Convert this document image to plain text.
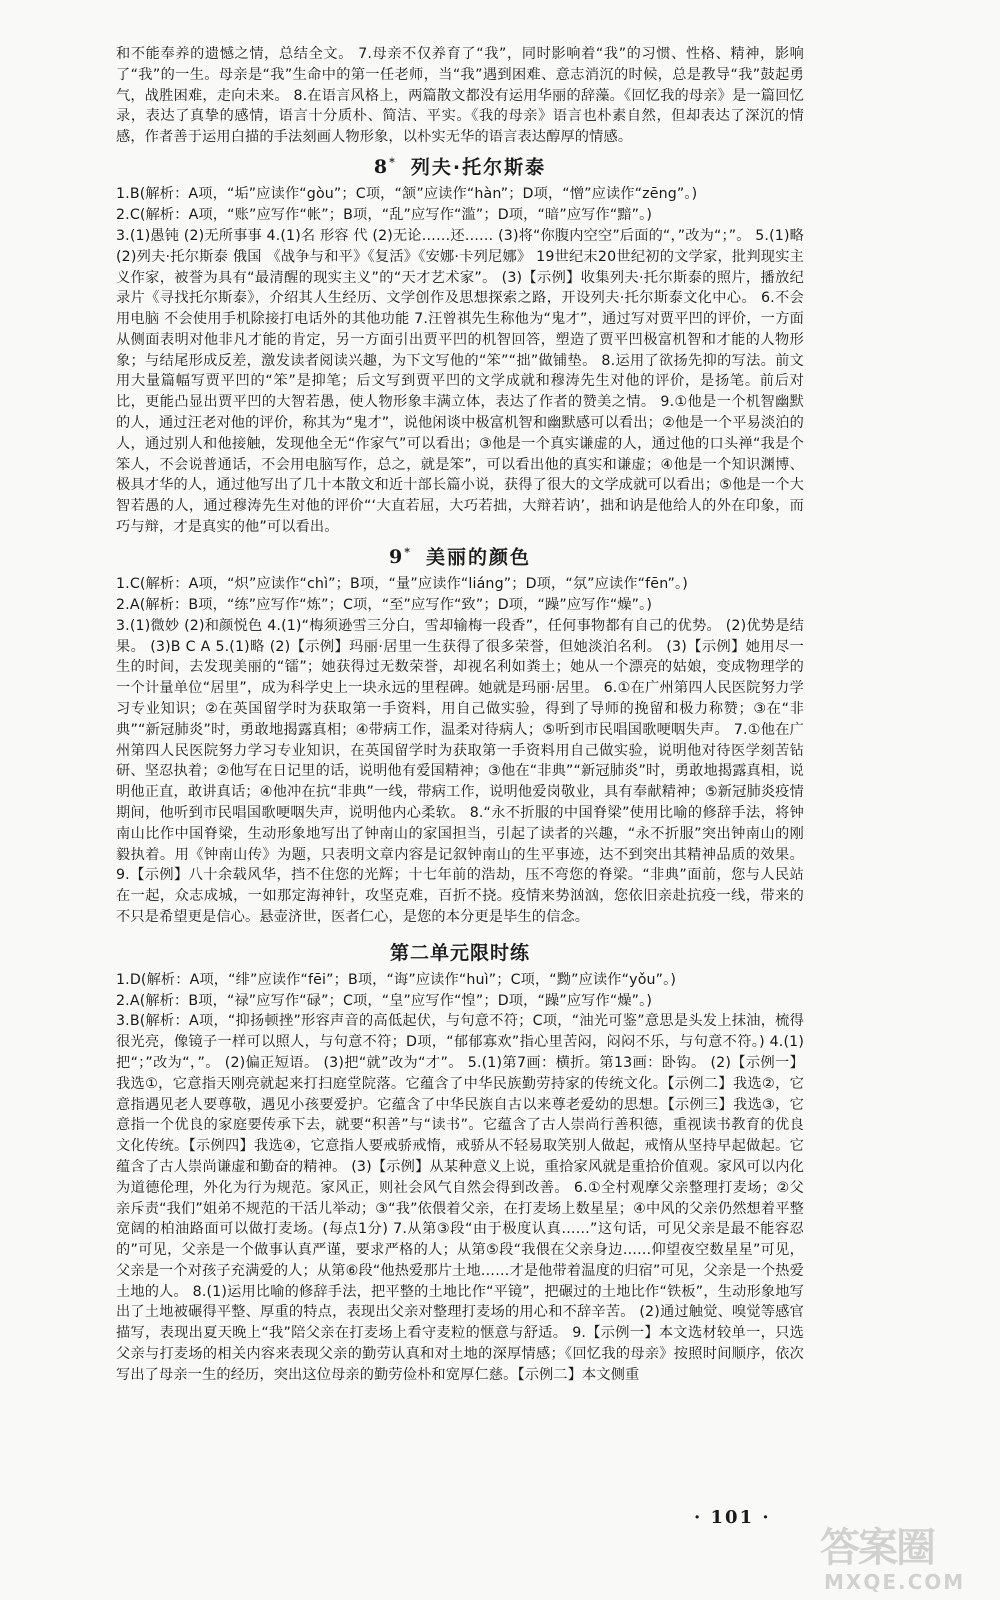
和不能奉养的遗憾之情，总结全文。 7.母亲不仅养育了“我”，同时影响着“我”的习惯、性格、精神，影响了“我”的一生。母亲是“我”生命中的第一任老师，当“我”遇到困难、意志消沉的时候，总是教导“我”鼓起勇气，战胜困难，走向未来。 8.在语言风格上，两篇散文都没有运用华丽的辞藻。《回忆我的母亲》是一篇回忆录，表达了真挚的感情，语言十分质朴、简洁、平实。《我的母亲》语言也朴素自然，但却表达了深沉的情感，作者善于运用白描的手法刻画人物形象，以朴实无华的语言表达醇厚的情感。

8* 列夫·托尔斯泰

1.B(解析：A项，“垢”应读作“gòu”；C项，“颔”应读作“hàn”；D项，“憎”应读作“zēng”。)
2.C(解析：A项，“账”应写作“帐”；B项，“乱”应写作“滥”；D项，“暗”应写作“黯”。)
3.(1)愚钝 (2)无所事事 4.(1)名 形容 代 (2)无论……还…… (3)将“你腹内空空”后面的“，”改为“；”。 5.(1)略 (2)列夫·托尔斯泰 俄国 《战争与和平》《复活》《安娜·卡列尼娜》 19世纪末20世纪初的文学家，批判现实主义作家，被誉为具有“最清醒的现实主义”的“天才艺术家”。 (3)【示例】收集列夫·托尔斯泰的照片，播放纪录片《寻找托尔斯泰》，介绍其人生经历、文学创作及思想探索之路，开设列夫·托尔斯泰文化中心。 6.不会用电脑 不会使用手机除接打电话外的其他功能 7.汪曾祺先生称他为“鬼才”，通过写对贾平凹的评价，一方面从侧面表明对他非凡才能的肯定，另一方面引出贾平凹的机智回答，塑造了贾平凹极富机智和才能的人物形象；与结尾形成反差，激发读者阅读兴趣，为下文写他的“笨”“拙”做铺垫。 8.运用了欲扬先抑的写法。前文用大量篇幅写贾平凹的“笨”是抑笔；后文写到贾平凹的文学成就和穆涛先生对他的评价，是扬笔。前后对比，更能凸显出贾平凹的大智若愚，使人物形象丰满立体，表达了作者的赞美之情。 9.①他是一个机智幽默的人，通过汪老对他的评价，称其为“鬼才”，说他闲谈中极富机智和幽默感可以看出；②他是一个平易淡泊的人，通过别人和他接触，发现他全无“作家气”可以看出；③他是一个真实谦虚的人，通过他的口头禅“我是个笨人，不会说普通话，不会用电脑写作，总之，就是笨”，可以看出他的真实和谦虚；④他是一个知识渊博、极具才华的人，通过他写出了几十本散文和近十部长篇小说，获得了很大的文学成就可以看出；⑤他是一个大智若愚的人，通过穆涛先生对他的评价“‘大直若屈，大巧若拙，大辩若讷’，拙和讷是他给人的外在印象，而巧与辩，才是真实的他”可以看出。

9* 美丽的颜色

1.C(解析：A项，“炽”应读作“chì”；B项，“量”应读作“liáng”；D项，“氛”应读作“fēn”。)
2.A(解析：B项，“练”应写作“炼”；C项，“至”应写作“致”；D项，“躁”应写作“燥”。)
3.(1)微妙 (2)和颜悦色 4.(1)“梅须逊雪三分白，雪却输梅一段香”，任何事物都有自己的优势。 (2)优势是结果。 (3)B C A 5.(1)略 (2)【示例】玛丽·居里一生获得了很多荣誉，但她淡泊名利。 (3)【示例】她用尽一生的时间，去发现美丽的“镭”；她获得过无数荣誉，却视名利如粪土；她从一个漂亮的姑娘，变成物理学的一个计量单位“居里”，成为科学史上一块永远的里程碑。她就是玛丽·居里。 6.①在广州第四人民医院努力学习专业知识；②在英国留学时为获取第一手资料，用自己做实验，得到了导师的挽留和极力称赞；③在“非典”“新冠肺炎”时，勇敢地揭露真相；④带病工作，温柔对待病人；⑤听到市民唱国歌哽咽失声。 7.①他在广州第四人民医院努力学习专业知识，在英国留学时为获取第一手资料用自己做实验，说明他对待医学刻苦钻研、坚忍执着；②他写在日记里的话，说明他有爱国精神；③他在“非典”“新冠肺炎”时，勇敢地揭露真相，说明他正直，敢讲真话；④他冲在抗“非典”一线，带病工作，说明他爱岗敬业，具有奉献精神；⑤新冠肺炎疫情期间，他听到市民唱国歌哽咽失声，说明他内心柔软。 8.“永不折服的中国脊梁”使用比喻的修辞手法，将钟南山比作中国脊梁，生动形象地写出了钟南山的家国担当，引起了读者的兴趣，“永不折服”突出钟南山的刚毅执着。用《钟南山传》为题，只表明文章内容是记叙钟南山的生平事迹，达不到突出其精神品质的效果。 9.【示例】八十余载风华，挡不住您的光辉；十七年前的浩劫，压不弯您的脊梁。“非典”面前，您与人民站在一起，众志成城，一如那定海神针，攻坚克难，百折不挠。疫情来势汹汹，您依旧亲赴抗疫一线，带来的不只是希望更是信心。悬壶济世，医者仁心，是您的本分更是毕生的信念。

第二单元限时练

1.D(解析：A项，“绯”应读作“fēi”；B项，“诲”应读作“huì”；C项，“黝”应读作“yǒu”。)
2.A(解析：B项，“禄”应写作“碌”；C项，“皇”应写作“惶”；D项，“躁”应写作“燥”。)
3.B(解析：A项，“抑扬顿挫”形容声音的高低起伏，与句意不符；C项，“油光可鉴”意思是头发上抹油，梳得很光亮，像镜子一样可以照人，与句意不符；D项，“郁郁寡欢”指心里苦闷，闷闷不乐，与句意不符。) 4.(1)把“；”改为“，”。 (2)偏正短语。 (3)把“就”改为“才”。 5.(1)第7画：横折。第13画：卧钩。 (2)【示例一】我选①，它意指天刚亮就起来打扫庭堂院落。它蕴含了中华民族勤劳持家的传统文化。【示例二】我选②，它意指遇见老人要尊敬，遇见小孩要爱护。它蕴含了中华民族自古以来尊老爱幼的思想。【示例三】我选③，它意指一个优良的家庭要传承下去，就要“积善”与“读书”。它蕴含了古人崇尚行善积德，重视读书教育的优良文化传统。【示例四】我选④，它意指人要戒骄戒惰，戒骄从不轻易取笑别人做起，戒惰从坚持早起做起。它蕴含了古人崇尚谦虚和勤奋的精神。 (3)【示例】从某种意义上说，重拾家风就是重拾价值观。家风可以内化为道德伦理，外化为行为规范。家风正，则社会风气自然会得到改善。 6.①全村观摩父亲整理打麦场；②父亲斥责“我们”姐弟不规范的干活儿举动；③“我”依偎着父亲，在打麦场上数星星；④中风的父亲仍然想着平整宽阔的柏油路面可以做打麦场。(每点1分) 7.从第③段“由于极度认真……”这句话，可见父亲是最不能容忍的”可见，父亲是一个做事认真严谨，要求严格的人；从第⑤段“我偎在父亲身边……仰望夜空数星星”可见，父亲是一个对孩子充满爱的人；从第⑥段“他热爱那片土地……才是他带着温度的归宿”可见，父亲是一个热爱土地的人。 8.(1)运用比喻的修辞手法，把平整的土地比作“平镜”，把碾过的土地比作“铁板”，生动形象地写出了土地被碾得平整、厚重的特点，表现出父亲对整理打麦场的用心和不辞辛苦。 (2)通过触觉、嗅觉等感官描写，表现出夏天晚上“我”陪父亲在打麦场上看守麦粒的惬意与舒适。 9.【示例一】本文选材较单一，只选父亲与打麦场的相关内容来表现父亲的勤劳认真和对土地的深厚情感；《回忆我的母亲》按照时间顺序，依次写出了母亲一生的经历，突出这位母亲的勤劳俭朴和宽厚仁慈。【示例二】本文侧重

· 101 ·
答案圈
MXQE.COM
